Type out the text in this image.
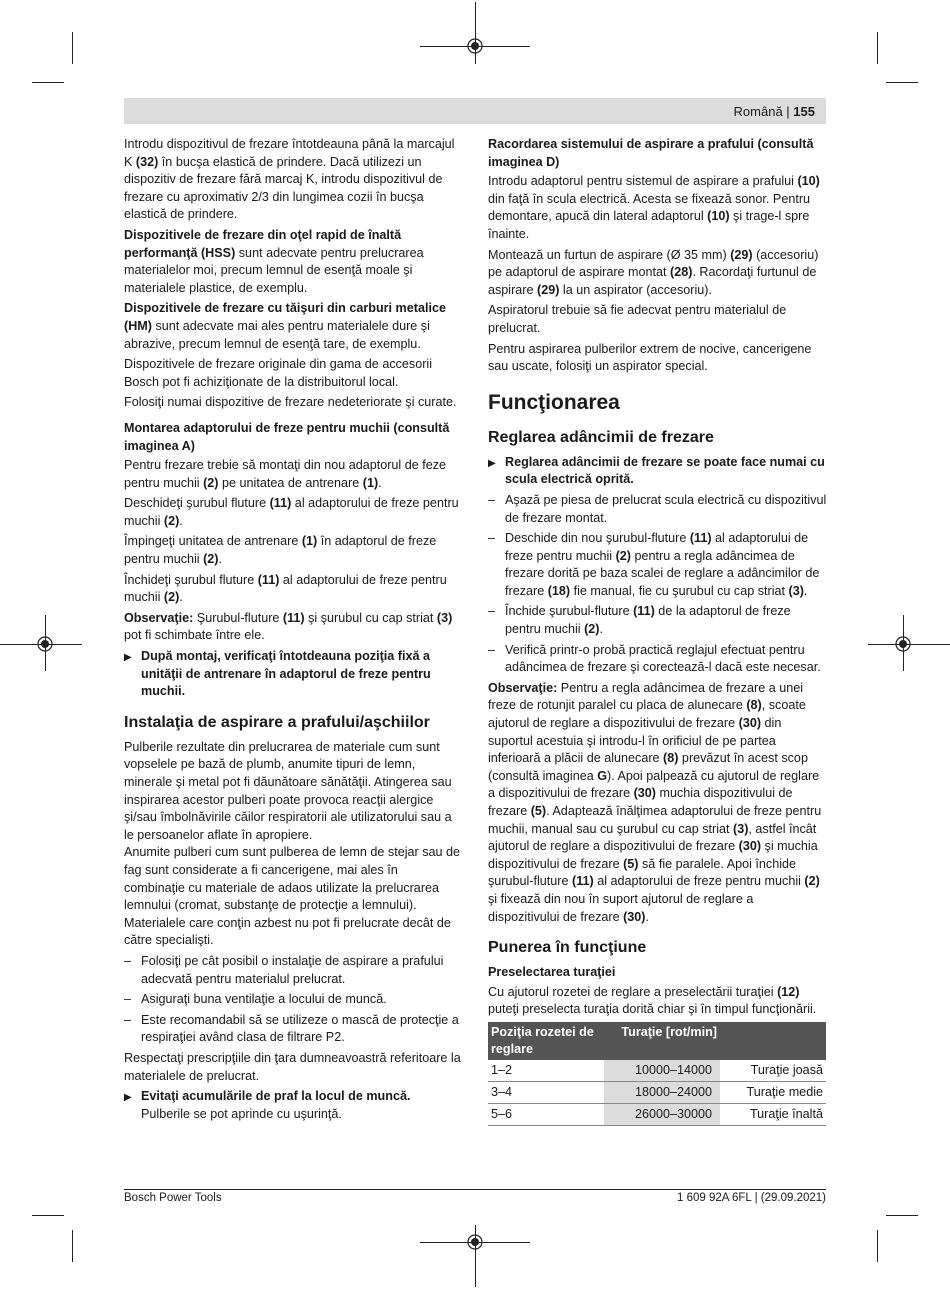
Română | 155

Introdu dispozitivul de frezare întotdeauna până la marcajul K (32) în bucşa elastică de prindere. Dacă utilizezi un dispozitiv de frezare fără marcaj K, introdu dispozitivul de frezare cu aproximativ 2/3 din lungimea cozii în bucşa elastică de prindere.

Dispozitivele de frezare din oţel rapid de înaltă performanţă (HSS) sunt adecvate pentru prelucrarea materialelor moi, precum lemnul de esenţă moale şi materialele plastice, de exemplu.

Dispozitivele de frezare cu tăişuri din carburi metalice (HM) sunt adecvate mai ales pentru materialele dure şi abrazive, precum lemnul de esenţă tare, de exemplu.

Dispozitivele de frezare originale din gama de accesorii Bosch pot fi achiziţionate de la distribuitorul local.

Folosiţi numai dispozitive de frezare nedeteriorate şi curate.

Montarea adaptorului de freze pentru muchii (consultă imaginea A)

Pentru frezare trebie să montaţi din nou adaptorul de feze pentru muchii (2) pe unitatea de antrenare (1).

Deschideţi şurubul fluture (11) al adaptorului de freze pentru muchii (2).

Împingeţi unitatea de antrenare (1) în adaptorul de freze pentru muchii (2).

Închideţi şurubul fluture (11) al adaptorului de freze pentru muchii (2).

Observaţie: Şurubul-fluture (11) şi şurubul cu cap striat (3) pot fi schimbate între ele.

▶ După montaj, verificaţi întotdeauna poziţia fixă a unităţii de antrenare în adaptorul de freze pentru muchii.
Instalaţia de aspirare a prafului/aşchiilor

Pulberile rezultate din prelucrarea de materiale cum sunt vopselele pe bază de plumb, anumite tipuri de lemn, minerale şi metal pot fi dăunătoare sănătăţii. Atingerea sau inspirarea acestor pulberi poate provoca reacţii alergice şi/sau îmbolnăvirile căilor respiratorii ale utilizatorului sau a le persoanelor aflate în apropiere.

Anumite pulberi cum sunt pulberea de lemn de stejar sau de fag sunt considerate a fi cancerigene, mai ales în combinaţie cu materiale de adaos utilizate la prelucrarea lemnului (cromat, substanţe de protecţie a lemnului). Materialele care conţin azbest nu pot fi prelucrate decât de către specialişti.

– Folosiţi pe cât posibil o instalaţie de aspirare a prafului adecvată pentru materialul prelucrat.
– Asiguraţi buna ventilaţie a locului de muncă.
– Este recomandabil să se utilizeze o mască de protecţie a respiraţiei având clasa de filtrare P2.

Respectaţi prescripţiile din ţara dumneavoastră referitoare la materialele de prelucrat.

▶ Evitaţi acumulările de praf la locul de muncă. Pulberile se pot aprinde cu uşurinţă.

Racordarea sistemului de aspirare a prafului (consultă imaginea D)

Introdu adaptorul pentru sistemul de aspirare a prafului (10) din faţă în scula electrică. Acesta se fixează sonor. Pentru demontare, apucă din lateral adaptorul (10) şi trage-l spre înainte.

Montează un furtun de aspirare (Ø 35 mm) (29) (accesoriu) pe adaptorul de aspirare montat (28). Racordaţi furtunul de aspirare (29) la un aspirator (accesoriu).

Aspiratorul trebuie să fie adecvat pentru materialul de prelucrat.

Pentru aspirarea pulberilor extrem de nocive, cancerigene sau uscate, folosiţi un aspirator special.

Funcţionarea
Reglarea adâncimii de frezare
▶ Reglarea adâncimii de frezare se poate face numai cu scula electrică oprită.
– Aşază pe piesa de prelucrat scula electrică cu dispozitivul de frezare montat.
– Deschide din nou şurubul-fluture (11) al adaptorului de freze pentru muchii (2) pentru a regla adâncimea de frezare dorită pe baza scalei de reglare a adâncimilor de frezare (18) fie manual, fie cu şurubul cu cap striat (3).
– Închide şurubul-fluture (11) de la adaptorul de freze pentru muchii (2).
– Verifică printr-o probă practică reglajul efectuat pentru adâncimea de frezare şi corectează-l dacă este necesar.

Observaţie: Pentru a regla adâncimea de frezare a unei freze de rotunjit paralel cu placa de alunecare (8), scoate ajutorul de reglare a dispozitivului de frezare (30) din suportul acestuia şi introdu-l în orificiul de pe partea inferioară a plăcii de alunecare (8) prevăzut în acest scop (consultă imaginea G). Apoi palpează cu ajutorul de reglare a dispozitivului de frezare (30) muchia dispozitivului de frezare (5). Adaptează înălţimea adaptorului de freze pentru muchii, manual sau cu şurubul cu cap striat (3), astfel încât ajutorul de reglare a dispozitivului de frezare (30) şi muchia dispozitivului de frezare (5) să fie paralele. Apoi închide şurubul-fluture (11) al adaptorului de freze pentru muchii (2) şi fixează din nou în suport ajutorul de reglare a dispozitivului de frezare (30).

Punerea în funcţiune

Preselectarea turaţiei

Cu ajutorul rozetei de reglare a preselectării turaţiei (12) puteţi preselecta turaţia dorită chiar şi în timpul funcţionării.

Poziţia rozetei de reglare	Turaţie [rot/min]	
1–2	10000–14000	Turaţie joasă
3–4	18000–24000	Turaţie medie
5–6	26000–30000	Turaţie înaltă
Bosch Power Tools	1 609 92A 6FL | (29.09.2021)
